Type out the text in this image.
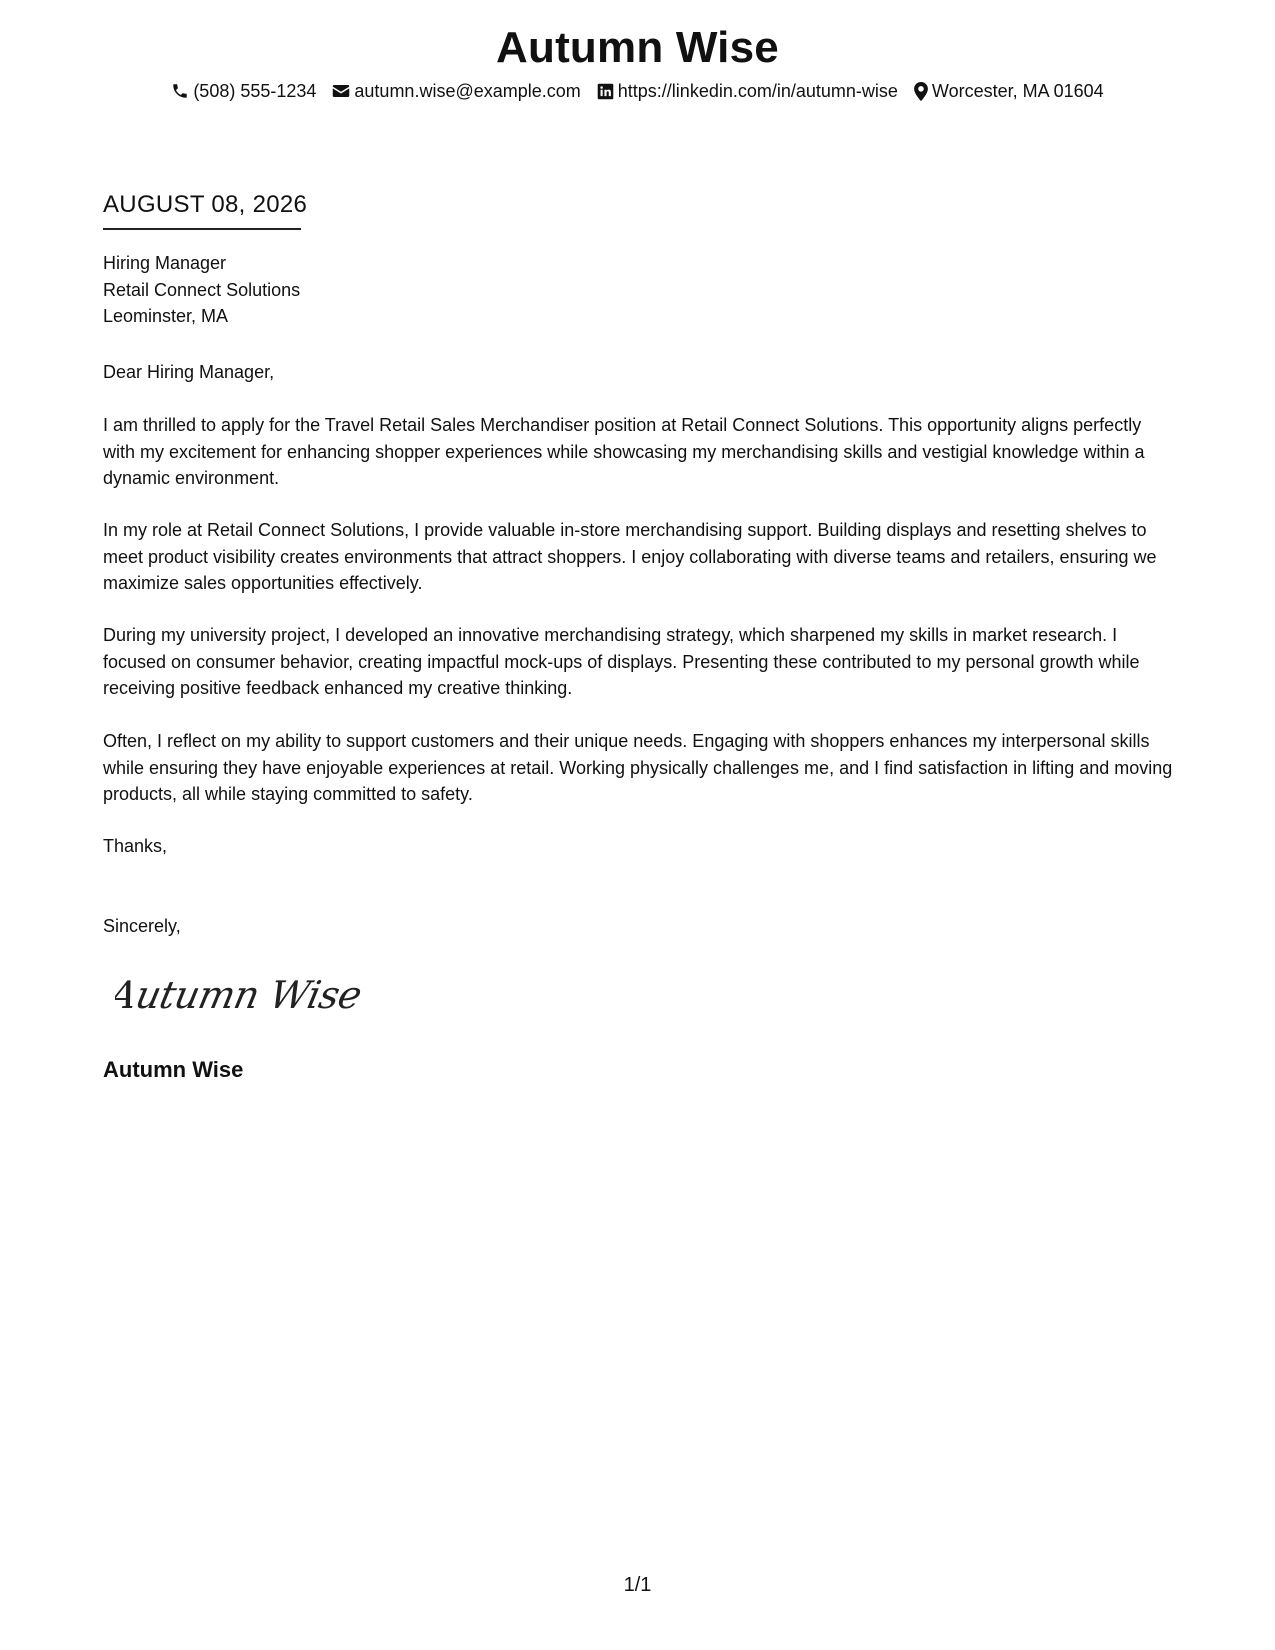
Autumn Wise
(508) 555-1234 autumn.wise@example.com https://linkedin.com/in/autumn-wise Worcester, MA 01604
AUGUST 08, 2026
Hiring Manager
Retail Connect Solutions
Leominster, MA
Dear Hiring Manager,
I am thrilled to apply for the Travel Retail Sales Merchandiser position at Retail Connect Solutions. This opportunity aligns perfectly with my excitement for enhancing shopper experiences while showcasing my merchandising skills and vestigial knowledge within a dynamic environment.
In my role at Retail Connect Solutions, I provide valuable in-store merchandising support. Building displays and resetting shelves to meet product visibility creates environments that attract shoppers. I enjoy collaborating with diverse teams and retailers, ensuring we maximize sales opportunities effectively.
During my university project, I developed an innovative merchandising strategy, which sharpened my skills in market research. I focused on consumer behavior, creating impactful mock-ups of displays. Presenting these contributed to my personal growth while receiving positive feedback enhanced my creative thinking.
Often, I reflect on my ability to support customers and their unique needs. Engaging with shoppers enhances my interpersonal skills while ensuring they have enjoyable experiences at retail. Working physically challenges me, and I find satisfaction in lifting and moving products, all while staying committed to safety.
Thanks,
Sincerely,
Autumn Wise
Autumn Wise
1/1
